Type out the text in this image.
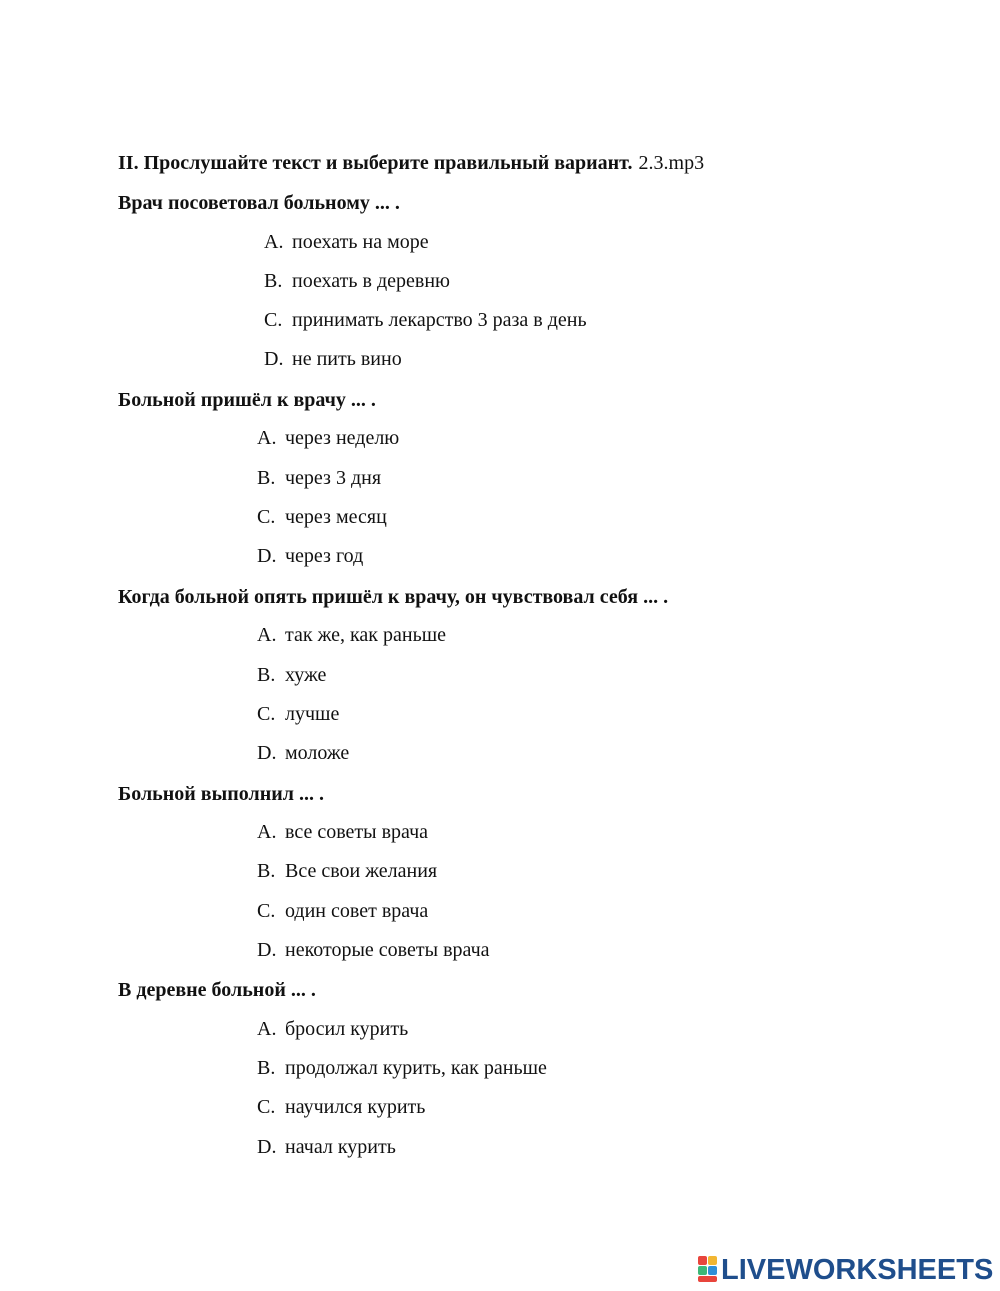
II. Прослушайте текст и выберите правильный вариант. 2.3.mp3
Врач посоветовал больному ... .
A. поехать на море
B. поехать в деревню
C. принимать лекарство 3 раза в день
D. не пить вино
Больной пришёл к врачу ... .
A. через неделю
B. через 3 дня
C. через месяц
D. через год
Когда больной опять пришёл к врачу, он чувствовал себя ... .
A. так же, как раньше
B. хуже
C. лучше
D. моложе
Больной выполнил ... .
A. все советы врача
B. Все свои желания
C. один совет врача
D. некоторые советы врача
В деревне больной ... .
A. бросил курить
B. продолжал курить, как раньше
C. научился курить
D. начал курить
LIVEWORKSHEETS
